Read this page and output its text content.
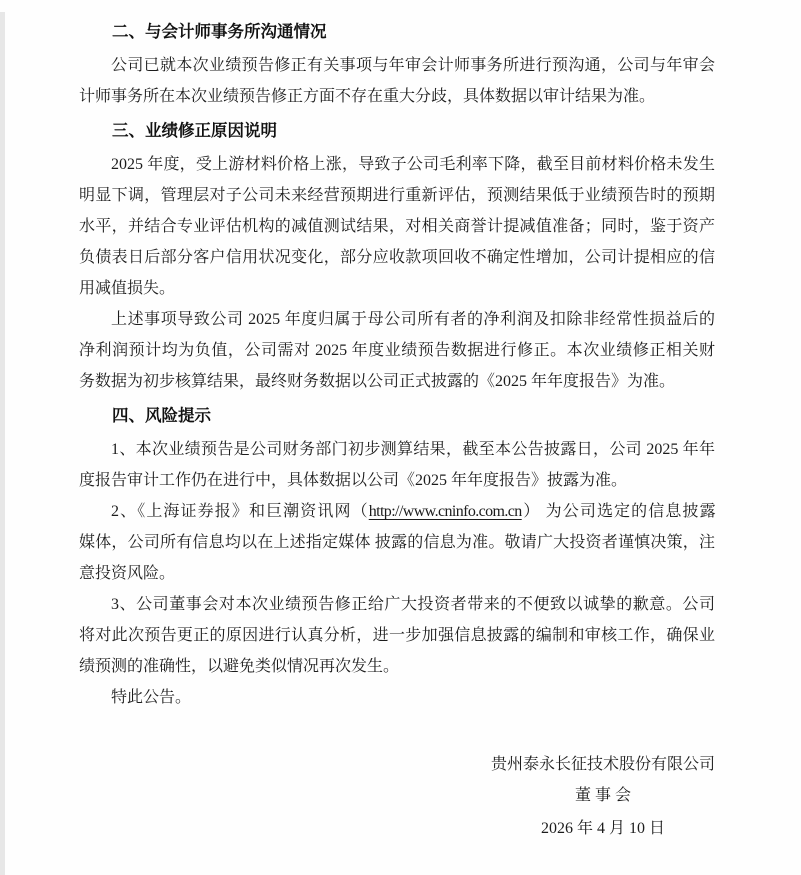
二、与会计师事务所沟通情况

公司已就本次业绩预告修正有关事项与年审会计师事务所进行预沟通，公司与年审会

计师事务所在本次业绩预告修正方面不存在重大分歧，具体数据以审计结果为准。

三、业绩修正原因说明

2025 年度，受上游材料价格上涨，导致子公司毛利率下降，截至目前材料价格未发生

明显下调，管理层对子公司未来经营预期进行重新评估，预测结果低于业绩预告时的预期

水平，并结合专业评估机构的减值测试结果，对相关商誉计提减值准备；同时，鉴于资产

负债表日后部分客户信用状况变化，部分应收款项回收不确定性增加，公司计提相应的信

用减值损失。

上述事项导致公司 2025 年度归属于母公司所有者的净利润及扣除非经常性损益后的

净利润预计均为负值，公司需对 2025 年度业绩预告数据进行修正。本次业绩修正相关财

务数据为初步核算结果，最终财务数据以公司正式披露的《2025 年年度报告》为准。

四、风险提示

1、本次业绩预告是公司财务部门初步测算结果，截至本公告披露日，公司 2025 年年

度报告审计工作仍在进行中，具体数据以公司《2025 年年度报告》披露为准。

2、《上海证券报》和巨潮资讯网（http://www.cninfo.com.cn） 为公司选定的信息披露

媒体，公司所有信息均以在上述指定媒体 披露的信息为准。敬请广大投资者谨慎决策，注

意投资风险。

3、公司董事会对本次业绩预告修正给广大投资者带来的不便致以诚挚的歉意。公司

将对此次预告更正的原因进行认真分析，进一步加强信息披露的编制和审核工作，确保业

绩预测的准确性，以避免类似情况再次发生。

特此公告。

贵州泰永长征技术股份有限公司
董 事 会
2026 年 4 月 10 日
